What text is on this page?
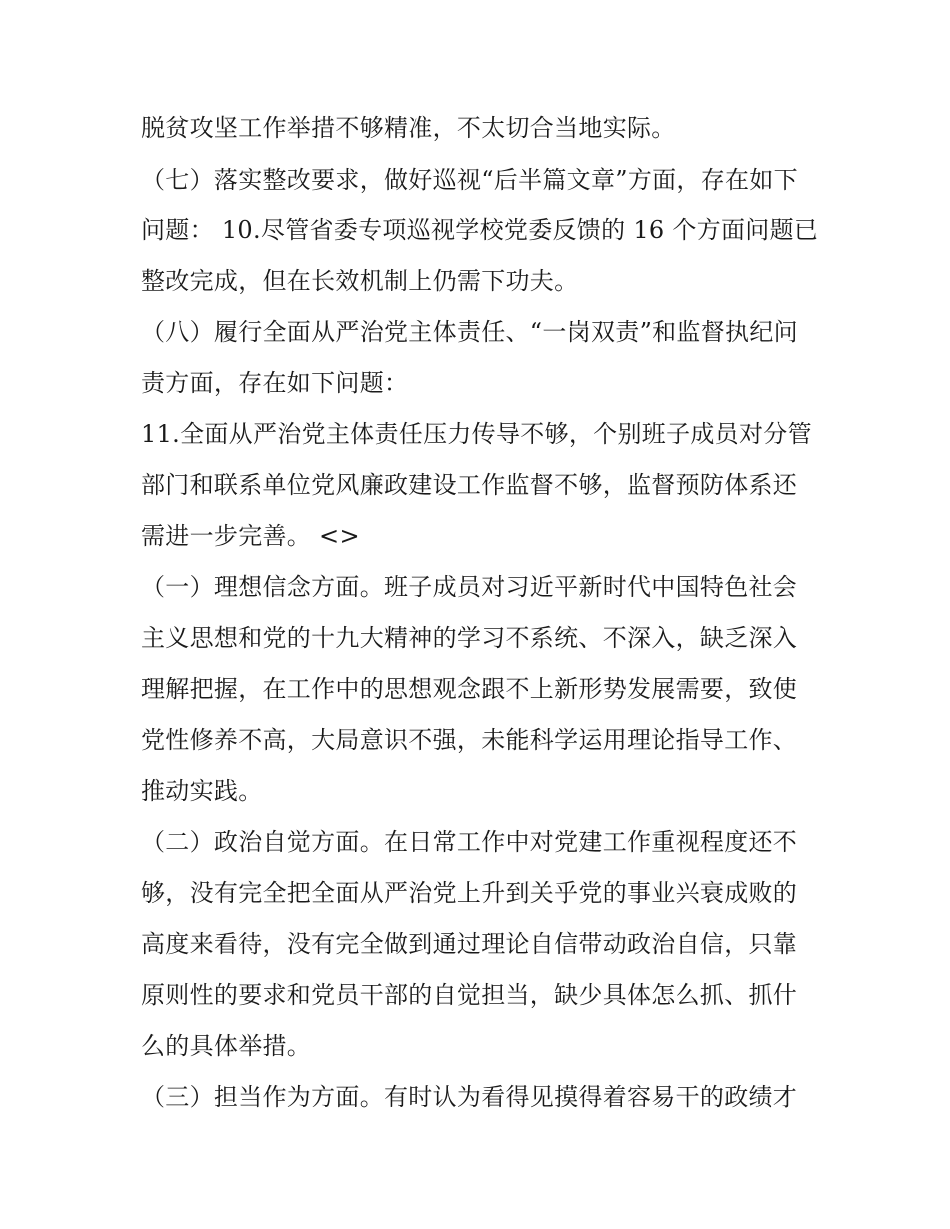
脱贫攻坚工作举措不够精准，不太切合当地实际。
（七）落实整改要求，做好巡视“后半篇文章”方面，存在如下
问题： 10.尽管省委专项巡视学校党委反馈的 16 个方面问题已
整改完成，但在长效机制上仍需下功夫。
（八）履行全面从严治党主体责任、“一岗双责”和监督执纪问
责方面，存在如下问题：
11.全面从严治党主体责任压力传导不够，个别班子成员对分管
部门和联系单位党风廉政建设工作监督不够，监督预防体系还
需进一步完善。 <>
（一）理想信念方面。班子成员对习近平新时代中国特色社会
主义思想和党的十九大精神的学习不系统、不深入，缺乏深入
理解把握，在工作中的思想观念跟不上新形势发展需要，致使
党性修养不高，大局意识不强，未能科学运用理论指导工作、
推动实践。
（二）政治自觉方面。在日常工作中对党建工作重视程度还不
够，没有完全把全面从严治党上升到关乎党的事业兴衰成败的
高度来看待，没有完全做到通过理论自信带动政治自信，只靠
原则性的要求和党员干部的自觉担当，缺少具体怎么抓、抓什
么的具体举措。
（三）担当作为方面。有时认为看得见摸得着容易干的政绩才
